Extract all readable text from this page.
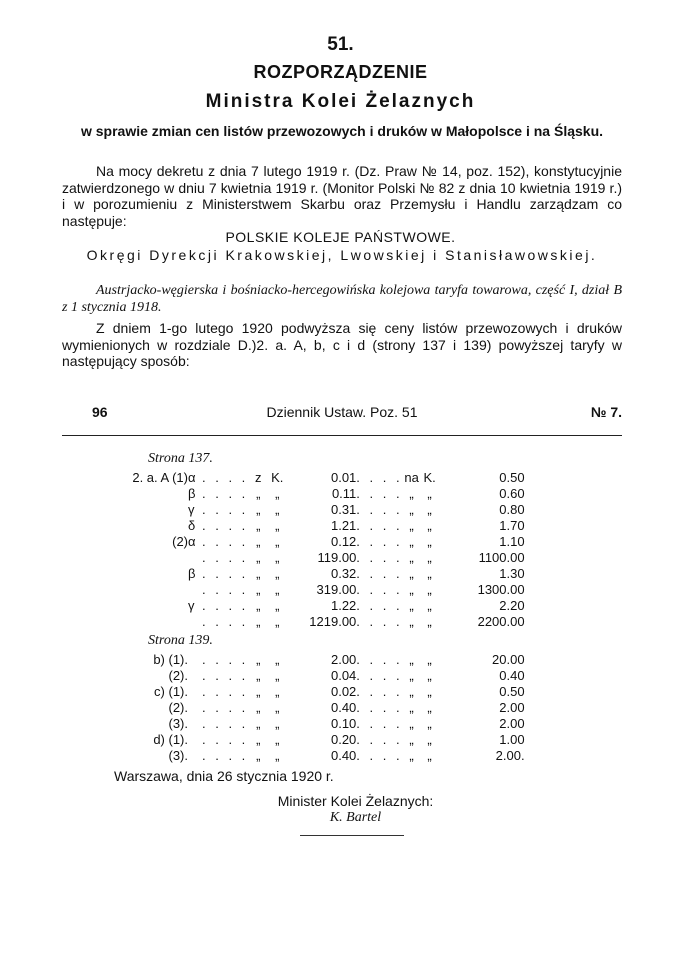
51.
ROZPORZĄDZENIE
Ministra Kolei Żelaznych
w sprawie zmian cen listów przewozowych i druków w Małopolsce i na Śląsku.
Na mocy dekretu z dnia 7 lutego 1919 r. (Dz. Praw № 14, poz. 152), konstytucyjnie zatwierdzonego w dniu 7 kwietnia 1919 r. (Monitor Polski № 82 z dnia 10 kwietnia 1919 r.) i w porozumieniu z Ministerstwem Skarbu oraz Przemysłu i Handlu zarządzam co następuje:
POLSKIE KOLEJE PAŃSTWOWE.
Okręgi Dyrekcji Krakowskiej, Lwowskiej i Stanisławowskiej.
Austrjacko-węgierska i bośniacko-hercegowińska kolejowa taryfa towarowa, część I, dział B z 1 stycznia 1918.
Z dniem 1-go lutego 1920 podwyższa się ceny listów przewozowych i druków wymienionych w rozdziale D.)2. a. A, b, c i d (strony 137 i 139) powyższej taryfy w następujący sposób:
96	Dziennik Ustaw. Poz. 51	№ 7.
Strona 137.									
2. a. A (1)	α	. . . .	z	K.	0.01	. . . .	na	K.	0.50
	β	. . . .	„	„	0.11	. . . .	„	„	0.60
	γ	. . . .	„	„	0.31	. . . .	„	„	0.80
	δ	. . . .	„	„	1.21	. . . .	„	„	1.70
(2)	α	. . . .	„	„	0.12	. . . .	„	„	1.10
		. . . .	„	„	119.00	. . . .	„	„	1100.00
	β	. . . .	„	„	0.32	. . . .	„	„	1.30
		. . . .	„	„	319.00	. . . .	„	„	1300.00
	γ	. . . .	„	„	1.22	. . . .	„	„	2.20
		. . . .	„	„	1219.00	. . . .	„	„	2200.00
Strona 139.									
b) (1).		. . . .	„	„	2.00	. . . .	„	„	20.00
(2).		. . . .	„	„	0.04	. . . .	„	„	0.40
c) (1).		. . . .	„	„	0.02	. . . .	„	„	0.50
(2).		. . . .	„	„	0.40	. . . .	„	„	2.00
(3).		. . . .	„	„	0.10	. . . .	„	„	2.00
d) (1).		. . . .	„	„	0.20	. . . .	„	„	1.00
(3).		. . . .	„	„	0.40	. . . .	„	„	2.00.
Warszawa, dnia 26 stycznia 1920 r.
Minister Kolei Żelaznych:
K. Bartel
